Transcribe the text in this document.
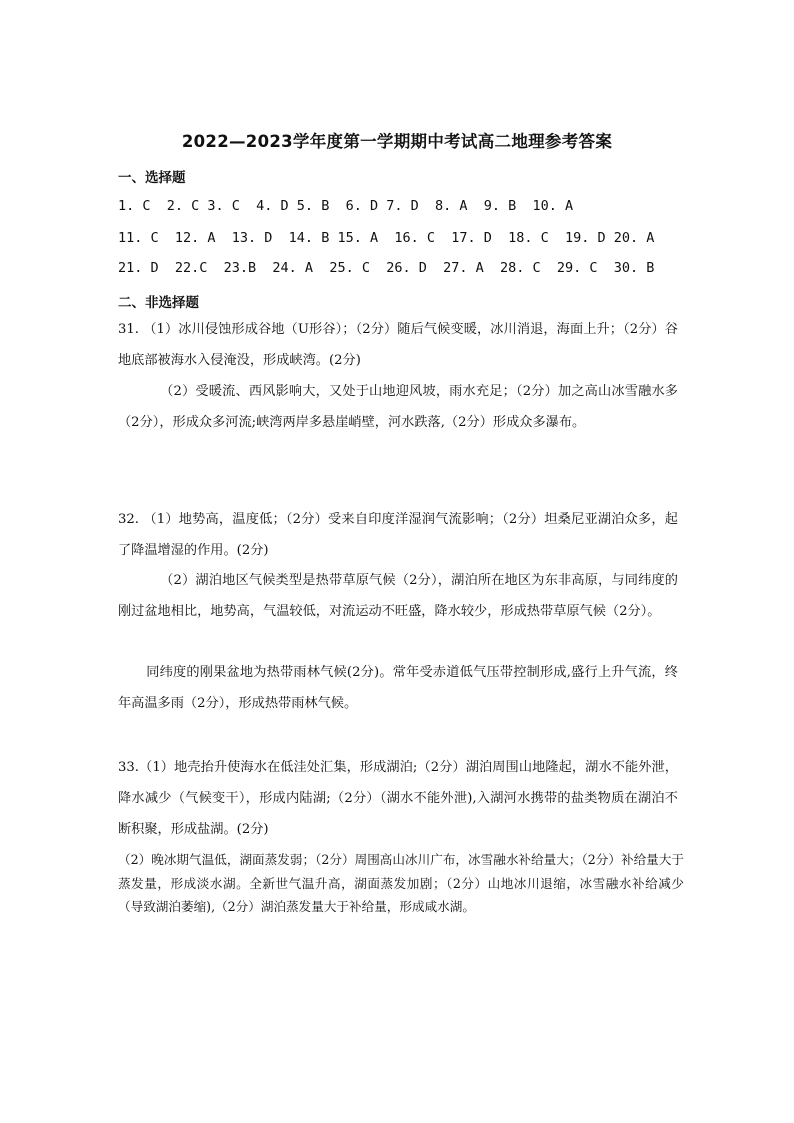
2022—2023学年度第一学期期中考试高二地理参考答案
一、选择题
1. C  2. C 3. C  4. D 5. B  6. D 7. D  8. A  9. B  10. A
11. C  12. A  13. D  14. B 15. A  16. C  17. D  18. C  19. D 20. A
21. D  22.C  23.B  24. A  25. C  26. D  27. A  28. C  29. C  30. B
二、非选择题
31. （1）冰川侵蚀形成谷地（U形谷）；（2分）随后气候变暖，冰川消退，海面上升；（2分）谷地底部被海水入侵淹没，形成峡湾。(2分)
（2）受暖流、西风影响大，又处于山地迎风坡，雨水充足；（2分）加之高山冰雪融水多（2分），形成众多河流;峡湾两岸多悬崖峭壁，河水跌落,（2分）形成众多瀑布。
32. （1）地势高，温度低；（2分）受来自印度洋湿润气流影响；（2分）坦桑尼亚湖泊众多，起了降温增湿的作用。(2分)
（2）湖泊地区气候类型是热带草原气候（2分），湖泊所在地区为东非高原，与同纬度的刚过盆地相比，地势高，气温较低，对流运动不旺盛，降水较少，形成热带草原气候（2分）。
同纬度的刚果盆地为热带雨林气候(2分)。常年受赤道低气压带控制形成,盛行上升气流，终年高温多雨（2分），形成热带雨林气候。
33.（1）地壳抬升使海水在低洼处汇集，形成湖泊;（2分）湖泊周围山地隆起，湖水不能外泄，降水减少（气候变干），形成内陆湖;（2分）（湖水不能外泄),入湖河水携带的盐类物质在湖泊不断积聚，形成盐湖。(2分)
（2）晚冰期气温低，湖面蒸发弱；（2分）周围高山冰川广布，冰雪融水补给量大；（2分）补给量大于蒸发量，形成淡水湖。全新世气温升高，湖面蒸发加剧；（2分）山地冰川退缩，冰雪融水补给减少（导致湖泊萎缩),（2分）湖泊蒸发量大于补给量，形成咸水湖。
